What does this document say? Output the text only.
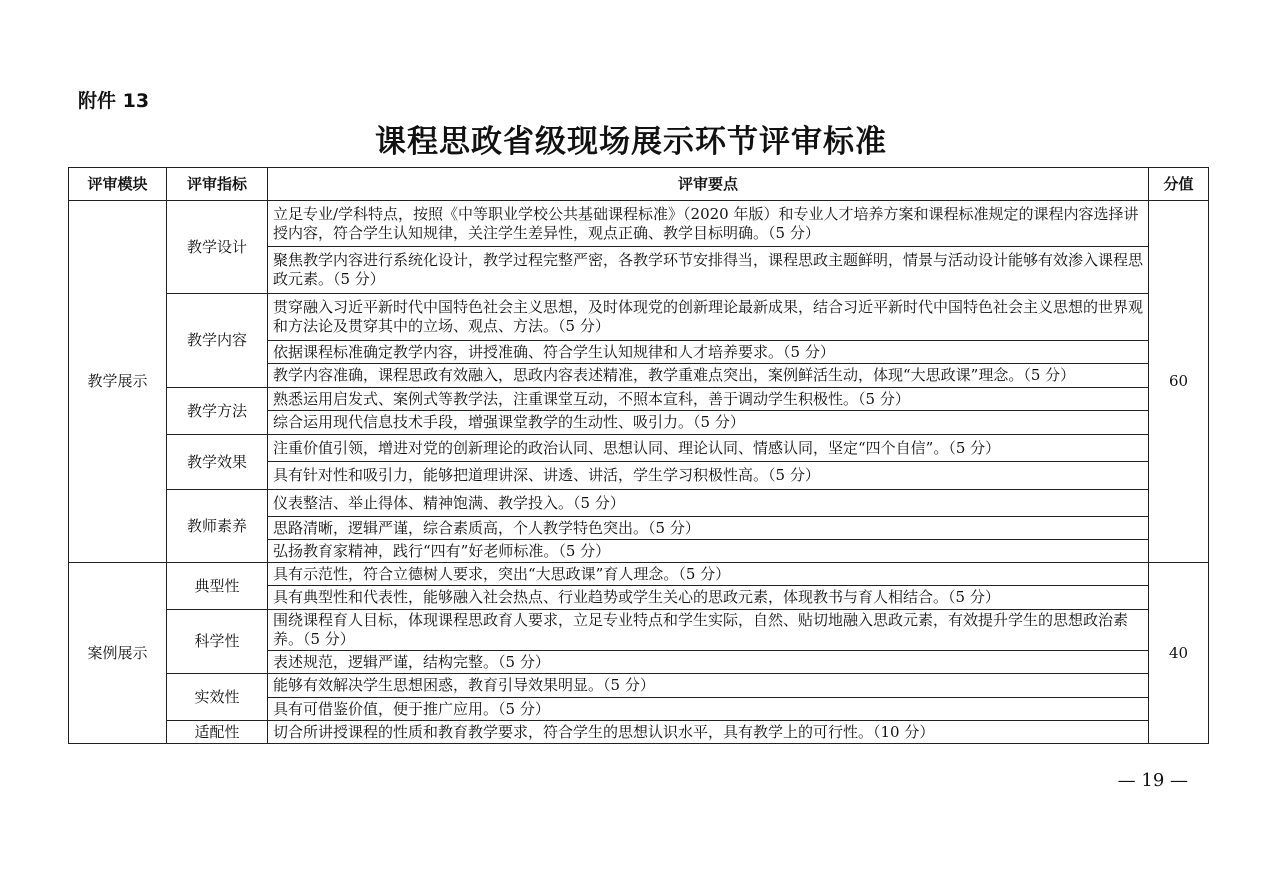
附件 13
课程思政省级现场展示环节评审标准
评审模块	评审指标	评审要点	分值
教学展示	教学设计	立足专业/学科特点，按照《中等职业学校公共基础课程标准》（2020 年版）和专业人才培养方案和课程标准规定的课程内容选择讲授内容，符合学生认知规律，关注学生差异性，观点正确、教学目标明确。（5 分）	60
		聚焦教学内容进行系统化设计，教学过程完整严密，各教学环节安排得当，课程思政主题鲜明，情景与活动设计能够有效渗入课程思政元素。（5 分）	
	教学内容	贯穿融入习近平新时代中国特色社会主义思想，及时体现党的创新理论最新成果，结合习近平新时代中国特色社会主义思想的世界观和方法论及贯穿其中的立场、观点、方法。（5 分）	
		依据课程标准确定教学内容，讲授准确、符合学生认知规律和人才培养要求。（5 分）	
		教学内容准确，课程思政有效融入，思政内容表述精准，教学重难点突出，案例鲜活生动，体现“大思政课”理念。（5 分）	
	教学方法	熟悉运用启发式、案例式等教学法，注重课堂互动，不照本宣科，善于调动学生积极性。（5 分）	
		综合运用现代信息技术手段，增强课堂教学的生动性、吸引力。（5 分）	
	教学效果	注重价值引领，增进对党的创新理论的政治认同、思想认同、理论认同、情感认同，坚定“四个自信”。（5 分）	
		具有针对性和吸引力，能够把道理讲深、讲透、讲活，学生学习积极性高。（5 分）	
	教师素养	仪表整洁、举止得体、精神饱满、教学投入。（5 分）	
		思路清晰，逻辑严谨，综合素质高，个人教学特色突出。（5 分）	
		弘扬教育家精神，践行“四有”好老师标准。（5 分）	
案例展示	典型性	具有示范性，符合立德树人要求，突出“大思政课”育人理念。（5 分）	40
		具有典型性和代表性，能够融入社会热点、行业趋势或学生关心的思政元素，体现教书与育人相结合。（5 分）	
	科学性	围绕课程育人目标，体现课程思政育人要求，立足专业特点和学生实际，自然、贴切地融入思政元素，有效提升学生的思想政治素养。（5 分）	
		表述规范，逻辑严谨，结构完整。（5 分）	
	实效性	能够有效解决学生思想困惑，教育引导效果明显。（5 分）	
		具有可借鉴价值，便于推广应用。（5 分）	
	适配性	切合所讲授课程的性质和教育教学要求，符合学生的思想认识水平，具有教学上的可行性。（10 分）	
— 19 —
